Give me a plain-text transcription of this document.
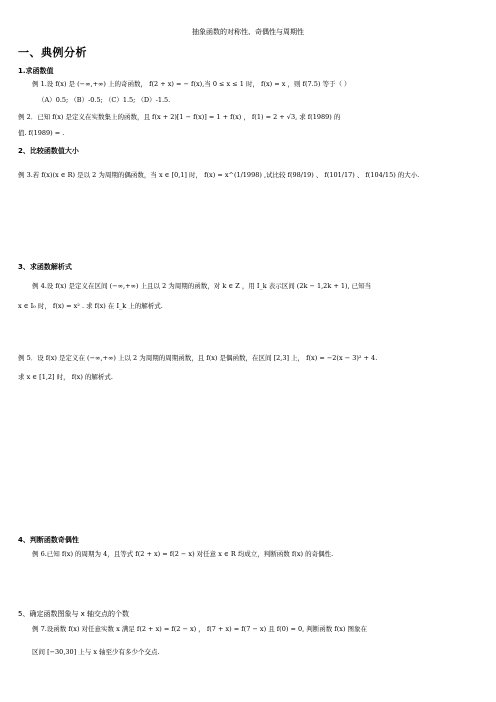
抽象函数的对称性、奇偶性与周期性
一、典例分析
1.求函数值
例 1.设 f(x) 是 (−∞,+∞) 上的奇函数， f(2 + x) = − f(x),当 0 ≤ x ≤ 1 时， f(x) = x ，则 f(7.5) 等于（ ）
（A）0.5; （B）-0.5; （C）1.5; （D）-1.5.
例 2．已知 f(x) 是定义在实数集上的函数，且 f(x + 2)[1 − f(x)] = 1 + f(x) ， f(1) = 2 + √3, 求 f(1989) 的
值. f(1989) = .
2、比较函数值大小
例 3.若 f(x)(x ∈ R) 是以 2 为周期的偶函数，当 x ∈ [0,1] 时， f(x) = x^(1/1998) ,试比较 f(98/19) 、 f(101/17) 、 f(104/15) 的大小.
3、求函数解析式
例 4.设 f(x) 是定义在区间 (−∞,+∞) 上且以 2 为周期的函数，对 k ∈ Z ，用 I_k 表示区间 (2k − 1,2k + 1), 已知当
x ∈ I₀ 时， f(x) = x² . 求 f(x) 在 I_k 上的解析式.
例 5．设 f(x) 是定义在 (−∞,+∞) 上以 2 为周期的周期函数，且 f(x) 是偶函数，在区间 [2,3] 上， f(x) = −2(x − 3)² + 4.
求 x ∈ [1,2] 时， f(x) 的解析式.
4、判断函数奇偶性
例 6.已知 f(x) 的周期为 4，且等式 f(2 + x) = f(2 − x) 对任意 x ∈ R 均成立，判断函数 f(x) 的奇偶性.
5、确定函数图象与 x 轴交点的个数
例 7.设函数 f(x) 对任意实数 x 满足 f(2 + x) = f(2 − x) ， f(7 + x) = f(7 − x) 且 f(0) = 0, 判断函数 f(x) 图象在
区间 [−30,30] 上与 x 轴至少有多少个交点.
